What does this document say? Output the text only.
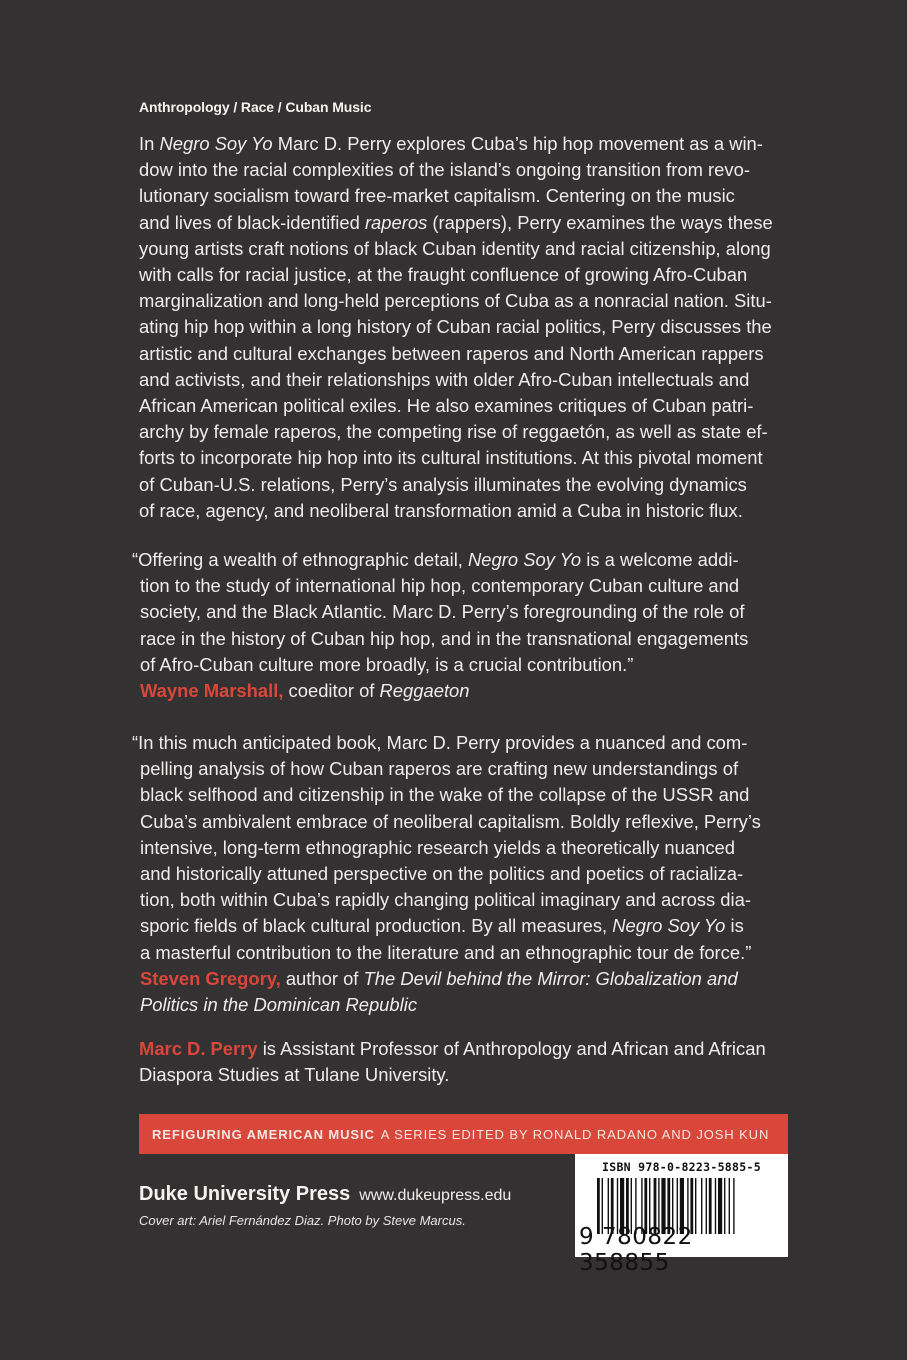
Anthropology / Race / Cuban Music
In Negro Soy Yo Marc D. Perry explores Cuba’s hip hop movement as a win-
dow into the racial complexities of the island’s ongoing transition from revo-
lutionary socialism toward free-market capitalism. Centering on the music
and lives of black-identified raperos (rappers), Perry examines the ways these
young artists craft notions of black Cuban identity and racial citizenship, along
with calls for racial justice, at the fraught confluence of growing Afro-Cuban
marginalization and long-held perceptions of Cuba as a nonracial nation. Situ-
ating hip hop within a long history of Cuban racial politics, Perry discusses the
artistic and cultural exchanges between raperos and North American rappers
and activists, and their relationships with older Afro-Cuban intellectuals and
African American political exiles. He also examines critiques of Cuban patri-
archy by female raperos, the competing rise of reggaetón, as well as state ef-
forts to incorporate hip hop into its cultural institutions. At this pivotal moment
of Cuban-U.S. relations, Perry’s analysis illuminates the evolving dynamics
of race, agency, and neoliberal transformation amid a Cuba in historic flux.
“Offering a wealth of ethnographic detail, Negro Soy Yo is a welcome addi-
tion to the study of international hip hop, contemporary Cuban culture and
society, and the Black Atlantic. Marc D. Perry’s foregrounding of the role of
race in the history of Cuban hip hop, and in the transnational engagements
of Afro-Cuban culture more broadly, is a crucial contribution.”
Wayne Marshall, coeditor of Reggaeton
“In this much anticipated book, Marc D. Perry provides a nuanced and com-
pelling analysis of how Cuban raperos are crafting new understandings of
black selfhood and citizenship in the wake of the collapse of the USSR and
Cuba’s ambivalent embrace of neoliberal capitalism. Boldly reflexive, Perry’s
intensive, long-term ethnographic research yields a theoretically nuanced
and historically attuned perspective on the politics and poetics of racializa-
tion, both within Cuba’s rapidly changing political imaginary and across dia-
sporic fields of black cultural production. By all measures, Negro Soy Yo is
a masterful contribution to the literature and an ethnographic tour de force.”
Steven Gregory, author of The Devil behind the Mirror: Globalization and
Politics in the Dominican Republic
Marc D. Perry is Assistant Professor of Anthropology and African and African
Diaspora Studies at Tulane University.
REFIGURING AMERICAN MUSIC A SERIES EDITED BY RONALD RADANO AND JOSH KUN
Duke University Press www.dukeupress.edu
Cover art: Ariel Fernández Diaz. Photo by Steve Marcus.
ISBN 978-0-8223-5885-5
9 780822 358855
